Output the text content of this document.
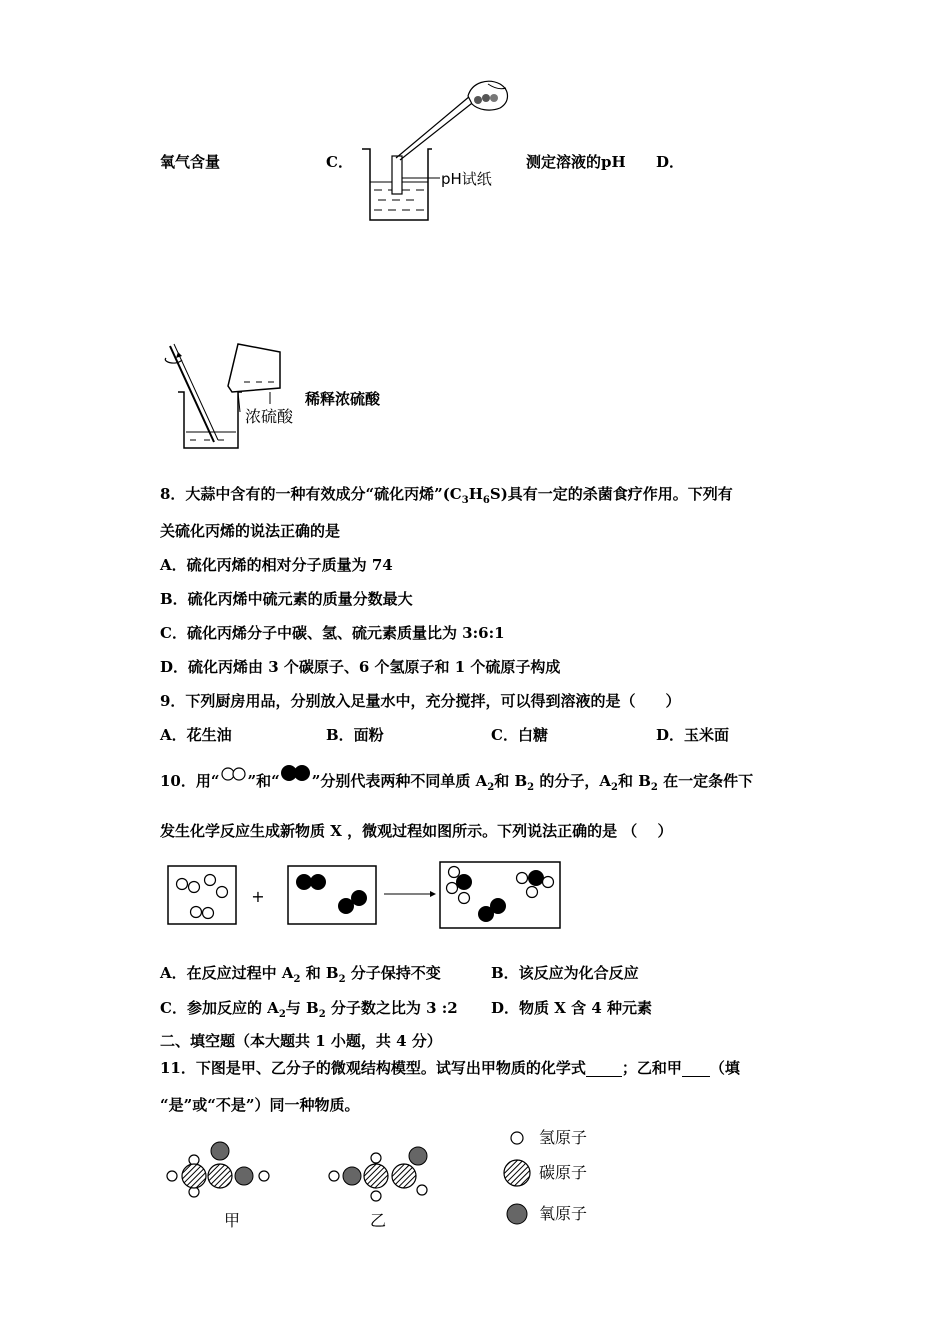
氧气含量	C．
pH试纸
测定溶液的pH D．
浓硫酸
稀释浓硫酸
8．大蒜中含有的一种有效成分“硫化丙烯$”(C_3H_6S)$具有一定的杀菌食疗作用。下列有
关硫化丙烯的说法正确的是
A．硫化丙烯的相对分子质量为 74
B．硫化丙烯中硫元素的质量分数最大
C．硫化丙烯分子中碳、氢、硫元素质量比为 3:6:1
D．硫化丙烯由 3 个碳原子、6 个氢原子和 1 个硫原子构成
9．下列厨房用品，分别放入足量水中，充分搅拌，可以得到溶液的是（　　）
A．花生油	B．面粉	C．白糖	D．玉米面
10．用“ ”和“ ”分别代表两种不同单质 $A_2$和 $B_2$ 的分子，$A_2$和 $B_2$ 在一定条件下
发生化学反应生成新物质 X ，微观过程如图所示。下列说法正确的是 （　 ）
+
A．在反应过程中 $A_2$ 和 $B_2$ 分子保持不变	B．该反应为化合反应
C．参加反应的 $A_2$与 $B_2$ 分子数之比为 3 :2 D．物质 X 含 4 种元素
二、填空题（本大题共 1 小题，共 4 分）
11．下图是甲、乙分子的微观结构模型。试写出甲物质的化学式 ；乙和甲 （填
“是”或“不是”）同一种物质。
甲	乙
氢原子
碳原子
氧原子
